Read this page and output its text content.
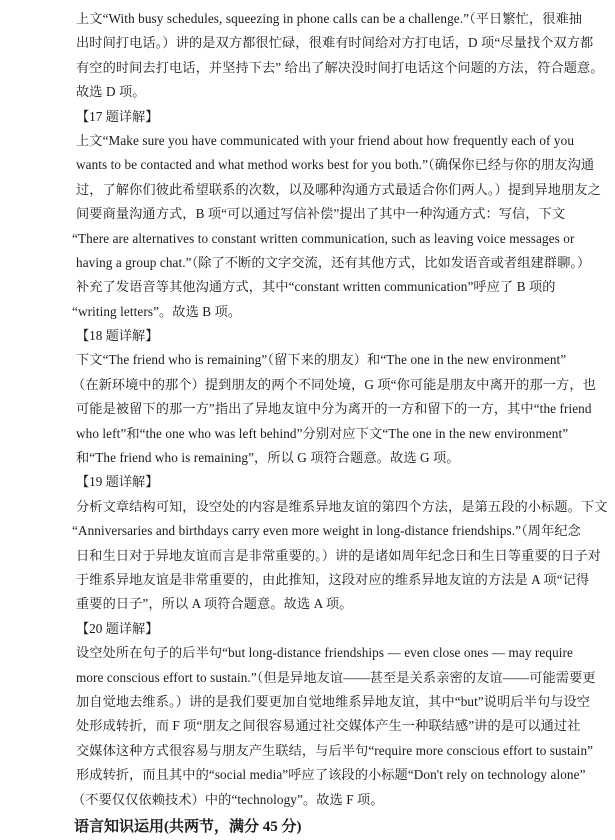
上文“With busy schedules, squeezing in phone calls can be a challenge.”（平日繁忙，很难抽
出时间打电话。）讲的是双方都很忙碌，很难有时间给对方打电话，D 项“尽量找个双方都
有空的时间去打电话，并坚持下去” 给出了解决没时间打电话这个问题的方法，符合题意。
故选 D 项。
【17 题详解】
上文“Make sure you have communicated with your friend about how frequently each of you
wants to be contacted and what method works best for you both.”（确保你已经与你的朋友沟通
过，了解你们彼此希望联系的次数，以及哪种沟通方式最适合你们两人。）提到异地朋友之
间要商量沟通方式，B 项“可以通过写信补偿”提出了其中一种沟通方式：写信，下文
“There are alternatives to constant written communication, such as leaving voice messages or
having a group chat.”（除了不断的文字交流，还有其他方式，比如发语音或者组建群聊。）
补充了发语音等其他沟通方式，其中“constant written communication”呼应了 B 项的
“writing letters”。故选 B 项。
【18 题详解】
下文“The friend who is remaining”（留下来的朋友）和“The one in the new environment”
（在新环境中的那个）提到朋友的两个不同处境，G 项“你可能是朋友中离开的那一方，也
可能是被留下的那一方”指出了异地友谊中分为离开的一方和留下的一方，其中“the friend
who left”和“the one who was left behind”分别对应下文“The one in the new environment”
和“The friend who is remaining”，所以 G 项符合题意。故选 G 项。
【19 题详解】
分析文章结构可知，设空处的内容是维系异地友谊的第四个方法，是第五段的小标题。下文
“Anniversaries and birthdays carry even more weight in long-distance friendships.”（周年纪念
日和生日对于异地友谊而言是非常重要的。）讲的是诸如周年纪念日和生日等重要的日子对
于维系异地友谊是非常重要的，由此推知，这段对应的维系异地友谊的方法是 A 项“记得
重要的日子”，所以 A 项符合题意。故选 A 项。
【20 题详解】
设空处所在句子的后半句“but long-distance friendships — even close ones — may require
more conscious effort to sustain.”（但是异地友谊——甚至是关系亲密的友谊——可能需要更
加自觉地去维系。）讲的是我们要更加自觉地维系异地友谊，其中“but”说明后半句与设空
处形成转折，而 F 项“朋友之间很容易通过社交媒体产生一种联结感”讲的是可以通过社
交媒体这种方式很容易与朋友产生联结，与后半句“require more conscious effort to sustain”
形成转折，而且其中的“social media”呼应了该段的小标题“Don't rely on technology alone”
（不要仅仅依赖技术）中的“technology”。故选 F 项。
语言知识运用(共两节，满分 45 分)
